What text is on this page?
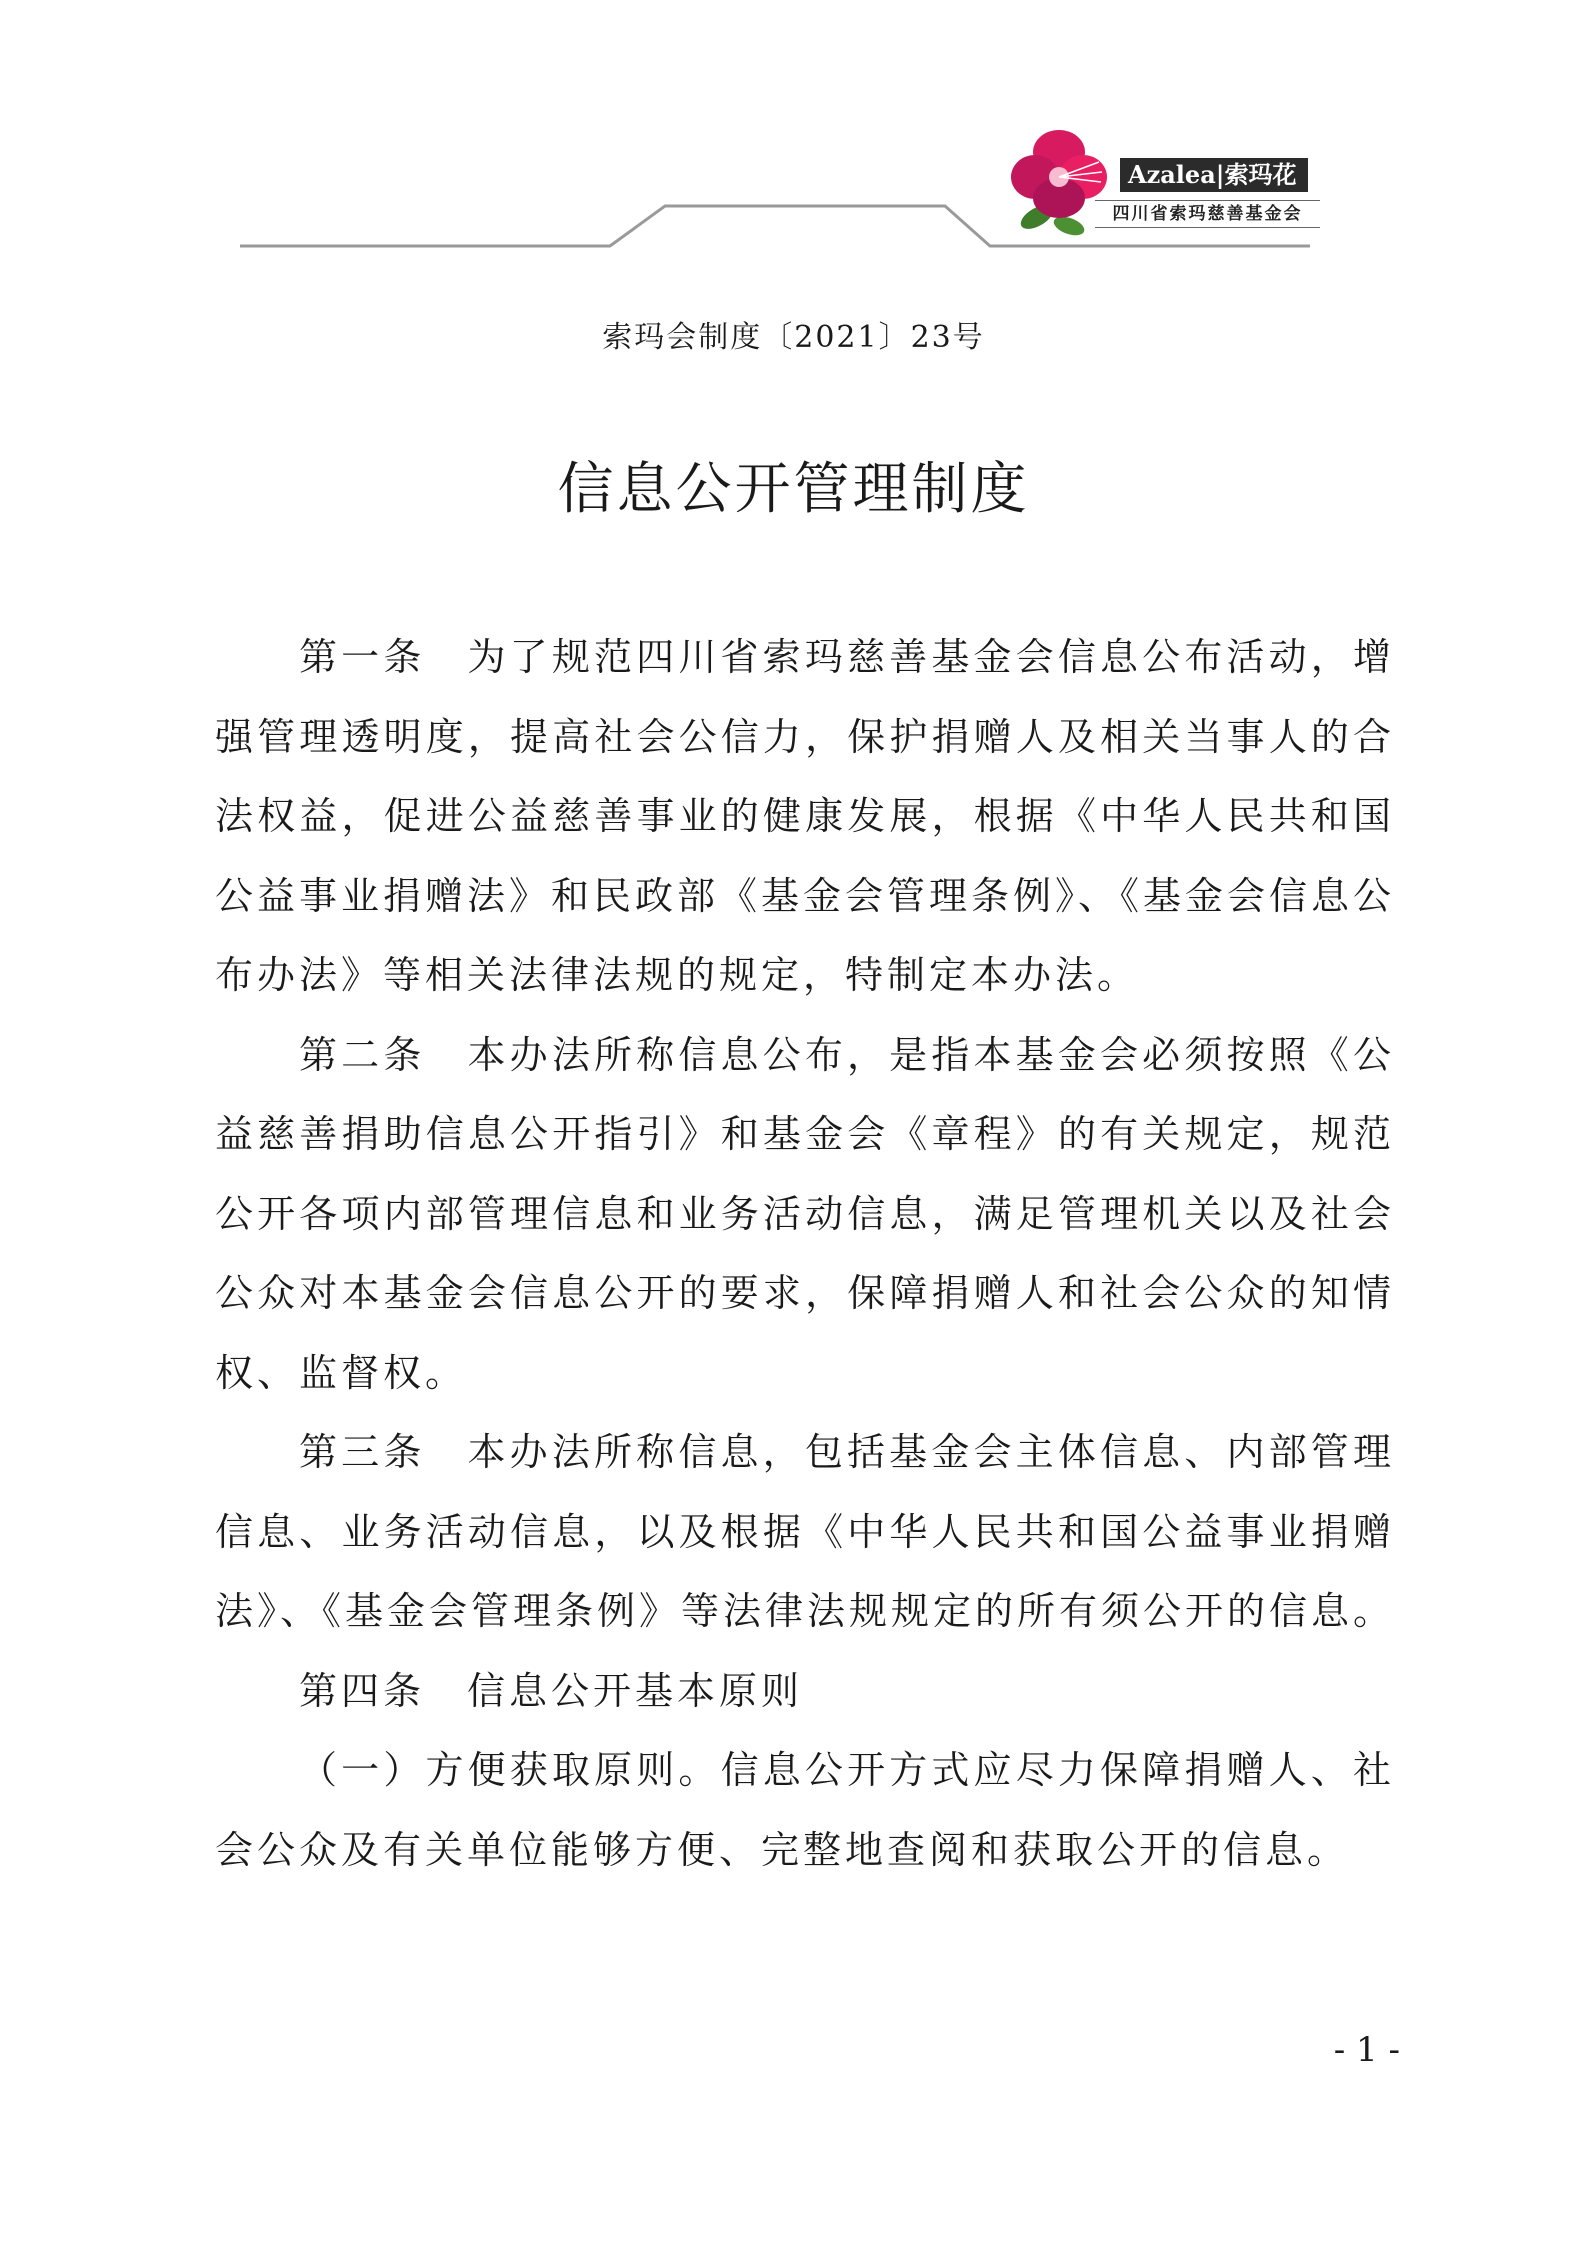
Azalea|索玛花
四川省索玛慈善基金会
索玛会制度〔2021〕23号
信息公开管理制度

第一条 为了规范四川省索玛慈善基金会信息公布活动，增强管理透明度，提高社会公信力，保护捐赠人及相关当事人的合法权益，促进公益慈善事业的健康发展，根据《中华人民共和国公益事业捐赠法》和民政部《基金会管理条例》、《基金会信息公布办法》等相关法律法规的规定，特制定本办法。

第二条 本办法所称信息公布，是指本基金会必须按照《公益慈善捐助信息公开指引》和基金会《章程》的有关规定，规范公开各项内部管理信息和业务活动信息，满足管理机关以及社会公众对本基金会信息公开的要求，保障捐赠人和社会公众的知情权、监督权。

第三条 本办法所称信息，包括基金会主体信息、内部管理信息、业务活动信息，以及根据《中华人民共和国公益事业捐赠法》、《基金会管理条例》等法律法规规定的所有须公开的信息。

第四条 信息公开基本原则

（一）方便获取原则。信息公开方式应尽力保障捐赠人、社会公众及有关单位能够方便、完整地查阅和获取公开的信息。

- 1 -
